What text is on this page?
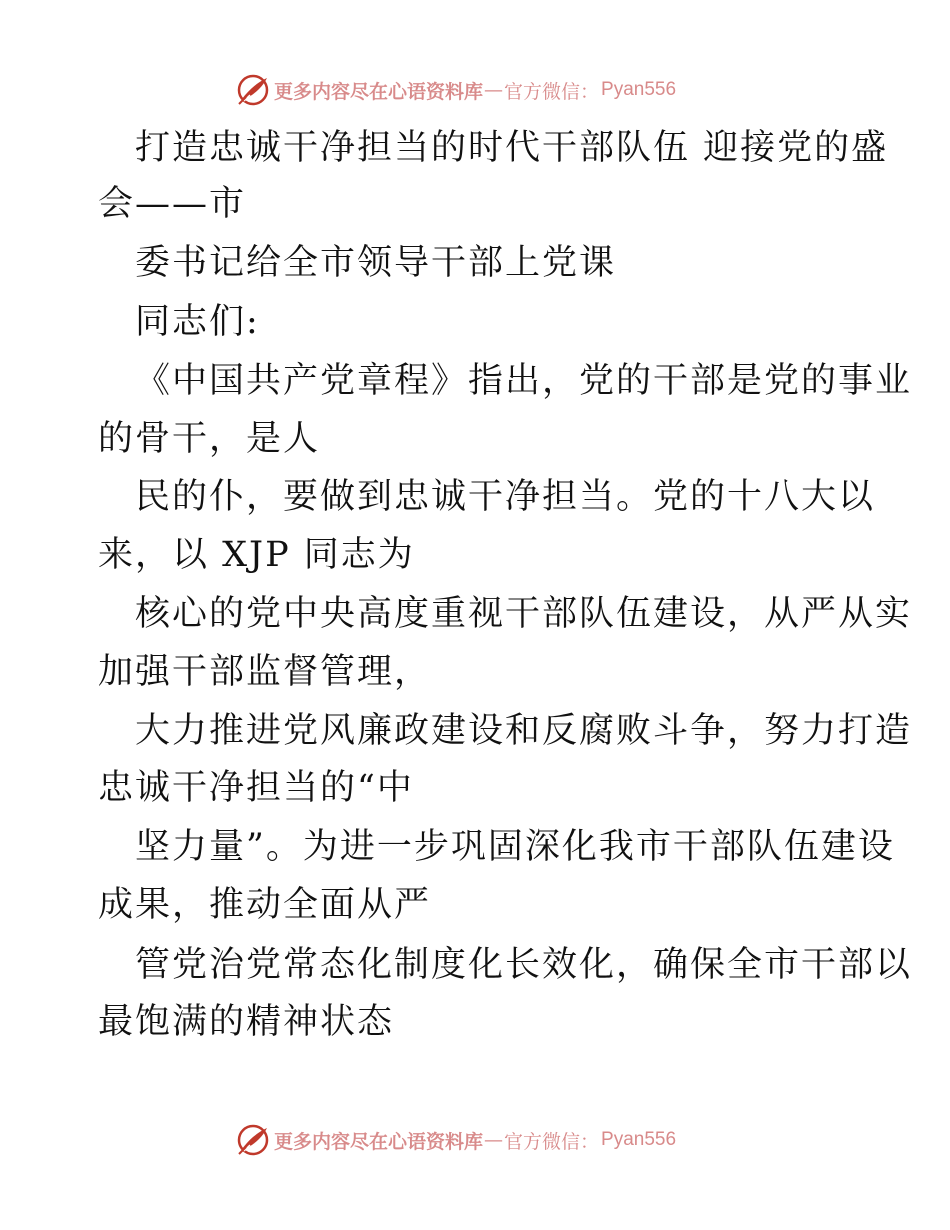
更多内容尽在心语资料库 — 官方微信： Pyan556
打造忠诚干净担当的时代干部队伍 迎接党的盛
会——市
委书记给全市领导干部上党课
同志们:
《中国共产党章程》指出，党的干部是党的事业
的骨干，是人
民的仆，要做到忠诚干净担当。党的十八大以
来，以 XJP 同志为
核心的党中央高度重视干部队伍建设，从严从实
加强干部监督管理，
大力推进党风廉政建设和反腐败斗争，努力打造
忠诚干净担当的“中
坚力量”。为进一步巩固深化我市干部队伍建设
成果，推动全面从严
管党治党常态化制度化长效化，确保全市干部以
最饱满的精神状态
更多内容尽在心语资料库 — 官方微信： Pyan556
